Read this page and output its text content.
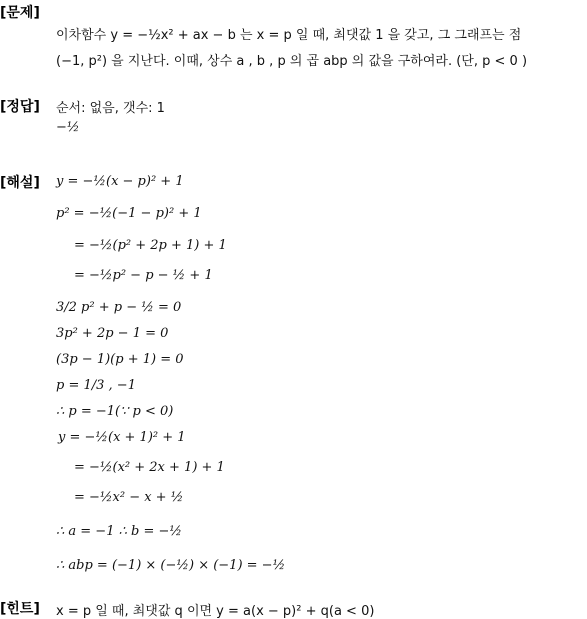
[문제]
[정답]
[해설]
[힌트]
이차함수 y = −½x² + ax − b 는 x = p 일 때, 최댓값 1 을 갖고, 그 그래프는 점
(−1, p²) 을 지난다. 이때, 상수 a , b , p 의 곱 abp 의 값을 구하여라. (단, p < 0 )
순서: 없음, 갯수: 1
−½
y = −½(x − p)² + 1
p² = −½(−1 − p)² + 1
= −½(p² + 2p + 1) + 1
= −½p² − p − ½ + 1
3/2 p² + p − ½ = 0
3p² + 2p − 1 = 0
(3p − 1)(p + 1) = 0
p = 1/3 , −1
∴ p = −1(∵ p < 0)
y = −½(x + 1)² + 1
= −½(x² + 2x + 1) + 1
= −½x² − x + ½
∴ a = −1 ∴ b = −½
∴ abp = (−1) × (−½) × (−1) = −½
x = p 일 때, 최댓값 q 이면 y = a(x − p)² + q(a < 0)
